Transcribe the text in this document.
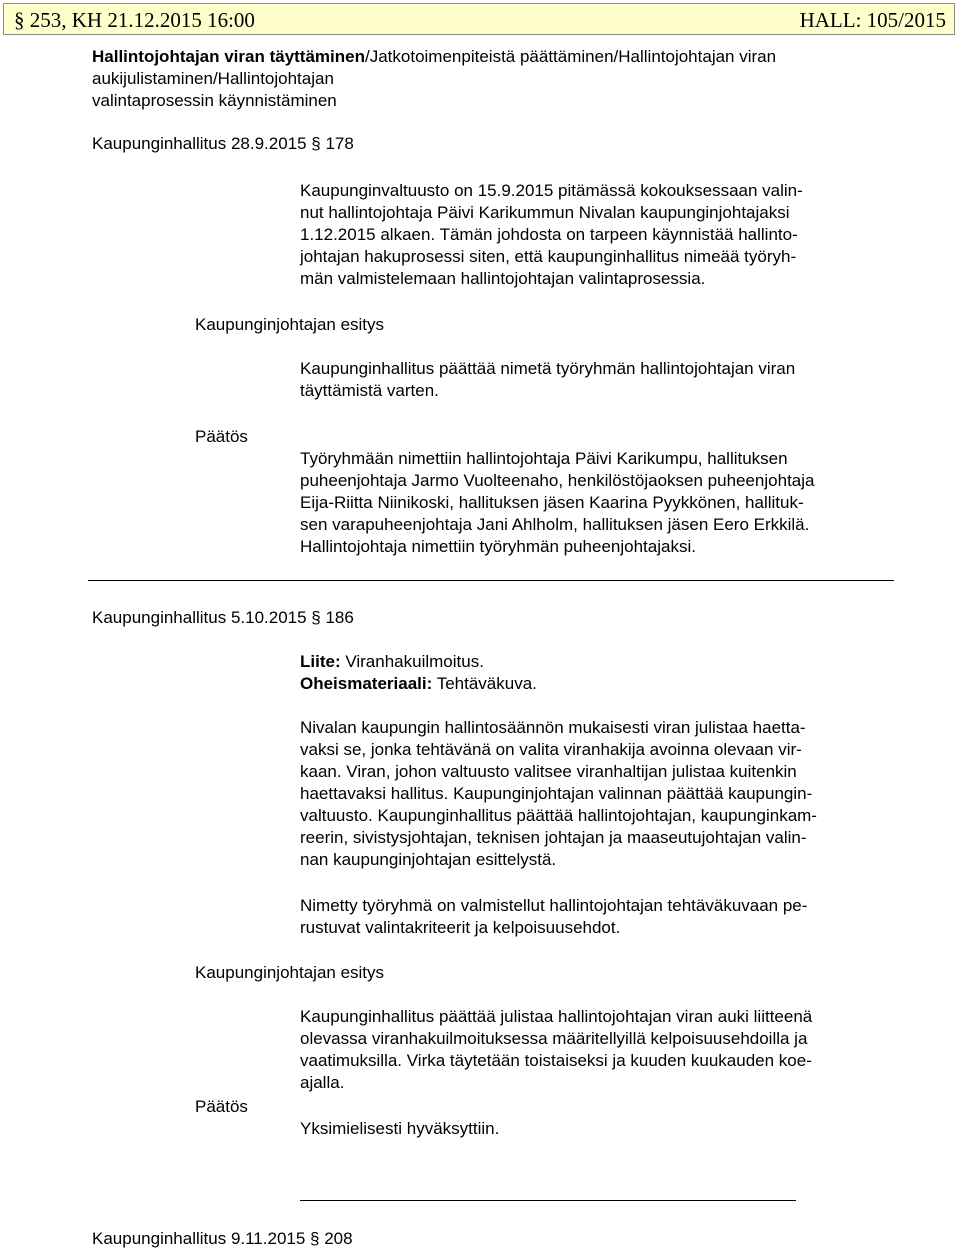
§ 253, KH 21.12.2015 16:00	HALL: 105/2015
Hallintojohtajan viran täyttäminen/Jatkotoimenpiteistä päättäminen/Hallintojohtajan viran
aukijulistaminen/Hallintojohtajan
valintaprosessin käynnistäminen
Kaupunginhallitus 28.9.2015 § 178
Kaupunginvaltuusto on 15.9.2015 pitämässä kokouksessaan valin-
nut hallintojohtaja Päivi Karikummun Nivalan kaupunginjohtajaksi
1.12.2015 alkaen. Tämän johdosta on tarpeen käynnistää hallinto-
johtajan hakuprosessi siten, että kaupunginhallitus nimeää työryh-
män valmistelemaan hallintojohtajan valintaprosessia.
Kaupunginjohtajan esitys
Kaupunginhallitus päättää nimetä työryhmän hallintojohtajan viran
täyttämistä varten.
Päätös
Työryhmään nimettiin hallintojohtaja Päivi Karikumpu, hallituksen
puheenjohtaja Jarmo Vuolteenaho, henkilöstöjaoksen puheenjohtaja
Eija-Riitta Niinikoski, hallituksen jäsen Kaarina Pyykkönen, hallituk-
sen varapuheenjohtaja Jani Ahlholm, hallituksen jäsen Eero Erkkilä.
Hallintojohtaja nimettiin työryhmän puheenjohtajaksi.
Kaupunginhallitus 5.10.2015 § 186
Liite: Viranhakuilmoitus.
Oheismateriaali: Tehtäväkuva.
Nivalan kaupungin hallintosäännön mukaisesti viran julistaa haetta-
vaksi se, jonka tehtävänä on valita viranhakija avoinna olevaan vir-
kaan. Viran, johon valtuusto valitsee viranhaltijan julistaa kuitenkin
haettavaksi hallitus. Kaupunginjohtajan valinnan päättää kaupungin-
valtuusto. Kaupunginhallitus päättää hallintojohtajan, kaupunginkam-
reerin, sivistysjohtajan, teknisen johtajan ja maaseutujohtajan valin-
nan kaupunginjohtajan esittelystä.
Nimetty työryhmä on valmistellut hallintojohtajan tehtäväkuvaan pe-
rustuvat valintakriteerit ja kelpoisuusehdot.
Kaupunginjohtajan esitys
Kaupunginhallitus päättää julistaa hallintojohtajan viran auki liitteenä
olevassa viranhakuilmoituksessa määritellyillä kelpoisuusehdoilla ja
vaatimuksilla. Virka täytetään toistaiseksi ja kuuden kuukauden koe-
ajalla.
Päätös
Yksimielisesti hyväksyttiin.
Kaupunginhallitus 9.11.2015 § 208
